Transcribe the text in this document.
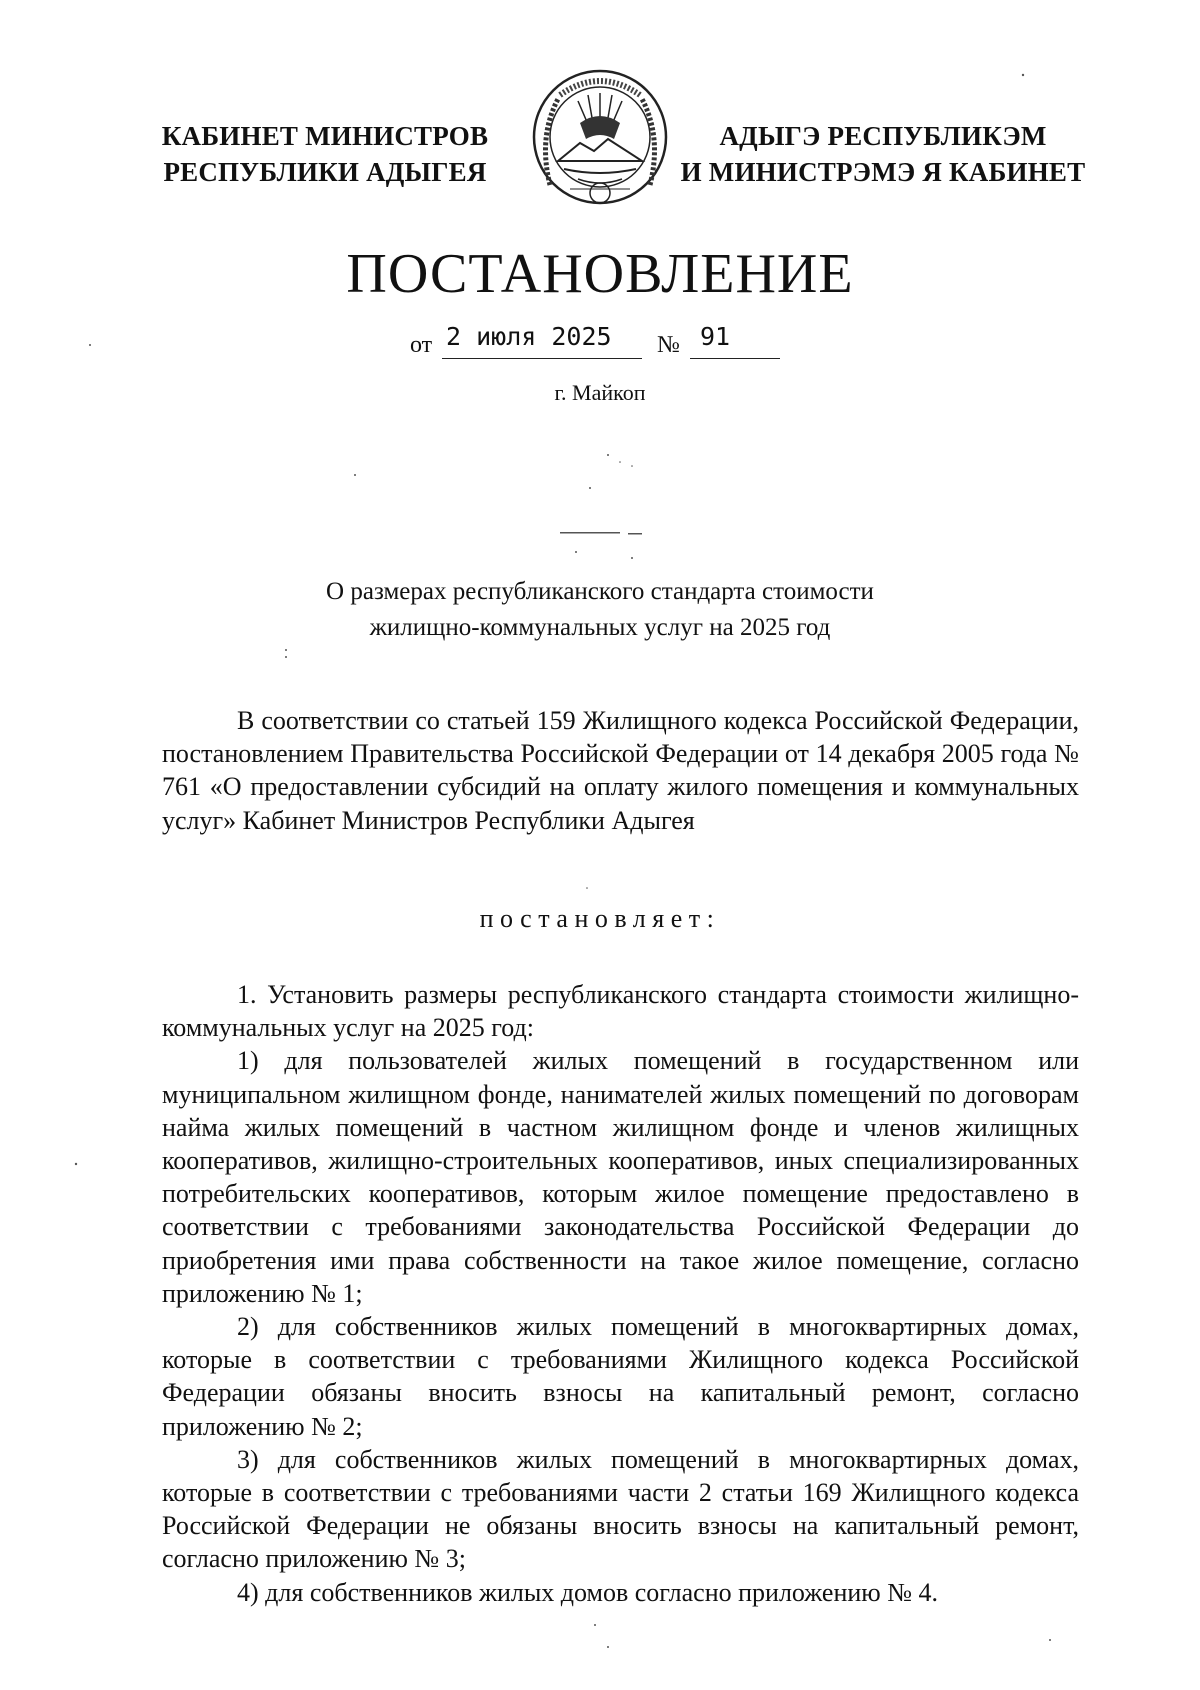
КАБИНЕТ МИНИСТРОВ
РЕСПУБЛИКИ АДЫГЕЯ
АДЫГЭ РЕСПУБЛИКЭМ
И МИНИСТРЭМЭ Я КАБИНЕТ
ПОСТАНОВЛЕНИЕ
от 2 июля 2025 № 91
г. Майкоп
О размерах республиканского стандарта стоимости
жилищно-коммунальных услуг на 2025 год

В соответствии со статьей 159 Жилищного кодекса Российской Федерации, постановлением Правительства Российской Федерации от 14 декабря 2005 года № 761 «О предоставлении субсидий на оплату жилого помещения и коммунальных услуг» Кабинет Министров Республики Адыгея

постановляет:

1. Установить размеры республиканского стандарта стоимости жилищно-коммунальных услуг на 2025 год:

1) для пользователей жилых помещений в государственном или муниципальном жилищном фонде, нанимателей жилых помещений по договорам найма жилых помещений в частном жилищном фонде и членов жилищных кооперативов, жилищно-строительных кооперативов, иных специализированных потребительских кооперативов, которым жилое помещение предоставлено в соответствии с требованиями законодательства Российской Федерации до приобретения ими права собственности на такое жилое помещение, согласно приложению № 1;

2) для собственников жилых помещений в многоквартирных домах, которые в соответствии с требованиями Жилищного кодекса Российской Федерации обязаны вносить взносы на капитальный ремонт, согласно приложению № 2;

3) для собственников жилых помещений в многоквартирных домах, которые в соответствии с требованиями части 2 статьи 169 Жилищного кодекса Российской Федерации не обязаны вносить взносы на капитальный ремонт, согласно приложению № 3;

4) для собственников жилых домов согласно приложению № 4.
